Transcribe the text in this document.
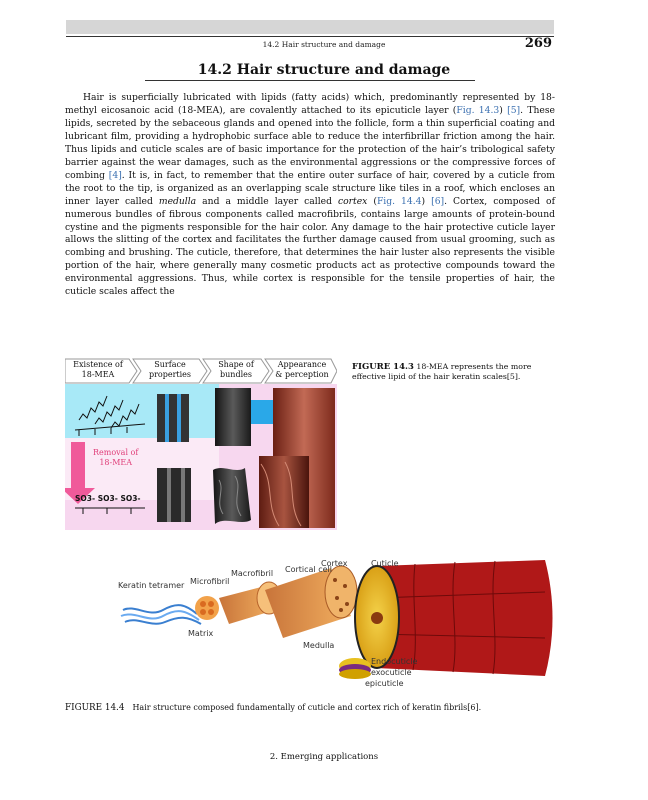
14.2 Hair structure and damage	269
14.2 Hair structure and damage

Hair is superficially lubricated with lipids (fatty acids) which, predominantly represented by 18-methyl eicosanoic acid (18-MEA), are covalently attached to its epicuticle layer (Fig. 14.3) [5]. These lipids, secreted by the sebaceous glands and opened into the follicle, form a thin superficial coating and lubricant film, providing a hydrophobic surface able to reduce the interfibrillar friction among the hair. Thus lipids and cuticle scales are of basic importance for the protection of the hair’s tribological safety barrier against the wear damages, such as the environmental aggressions or the compressive forces of combing [4]. It is, in fact, to remember that the entire outer surface of hair, covered by a cuticle from the root to the tip, is organized as an overlapping scale structure like tiles in a roof, which encloses an inner layer called medulla and a middle layer called cortex (Fig. 14.4) [6]. Cortex, composed of numerous bundles of fibrous components called macrofibrils, contains large amounts of protein-bound cystine and the pigments responsible for the hair color. Any damage to the hair protective cuticle layer allows the slitting of the cortex and facilitates the further damage caused from usual grooming, such as combing and brushing. The cuticle, therefore, that determines the hair luster also represents the visible portion of the hair, where generally many cosmetic products act as protective compounds toward the environmental aggressions. Thus, while cortex is responsible for the tensile properties of hair, the cuticle scales affect the

Existence of
18-MEA
Surface
properties
Shape of
bundles
Appearance
& perception
Removal of
18-MEA
SO3- SO3- SO3-
FIGURE 14.3 18-MEA represents the more effective lipid of the hair keratin scales[5].
Keratin tetramer Microfibril
Macrofibril Cortical cell
Cortex	Cuticle
Matrix
Medulla
Endocuticle
exocuticle
epicuticle
FIGURE 14.4 Hair structure composed fundamentally of cuticle and cortex rich of keratin fibrils[6].
2. Emerging applications
